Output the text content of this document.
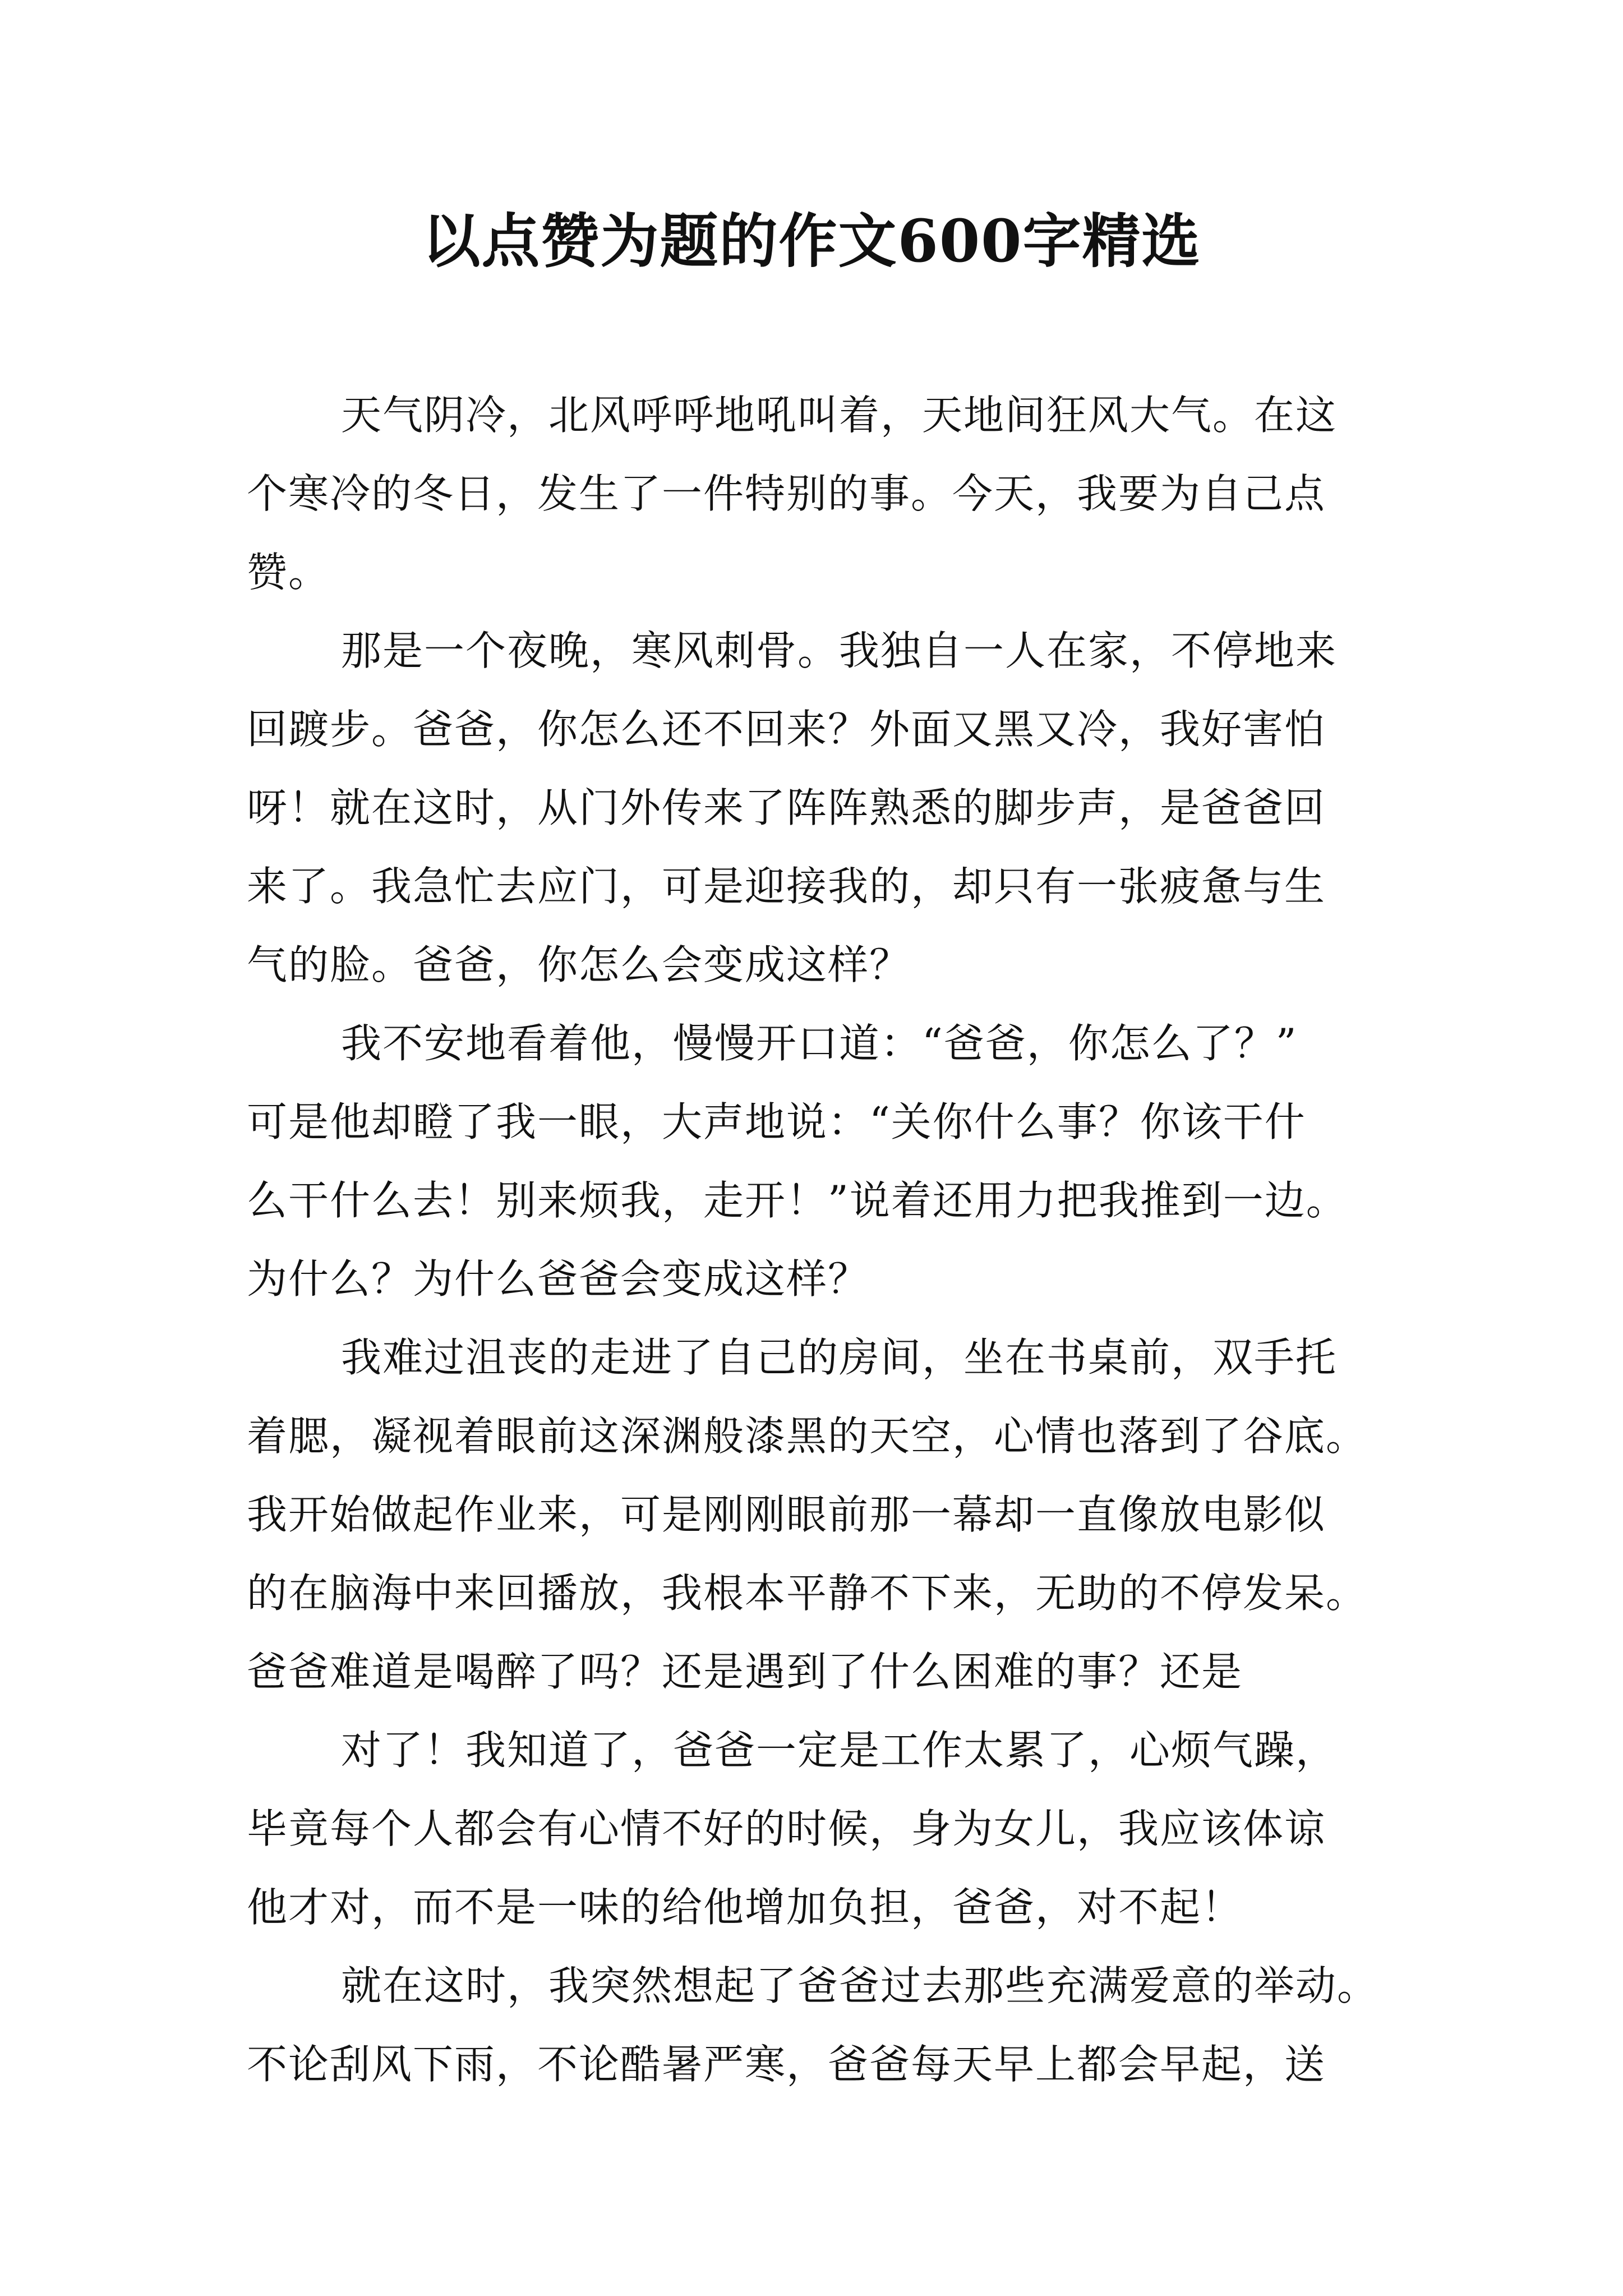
以点赞为题的作文600字精选

天气阴冷，北风呼呼地吼叫着，天地间狂风大气。在这

个寒冷的冬日，发生了一件特别的事。今天，我要为自己点

赞。

那是一个夜晚，寒风刺骨。我独自一人在家，不停地来

回踱步。爸爸，你怎么还不回来？外面又黑又冷，我好害怕

呀！就在这时，从门外传来了阵阵熟悉的脚步声，是爸爸回

来了。我急忙去应门，可是迎接我的，却只有一张疲惫与生

气的脸。爸爸，你怎么会变成这样？

我不安地看着他，慢慢开口道：“爸爸，你怎么了？”

可是他却瞪了我一眼，大声地说：“关你什么事？你该干什

么干什么去！别来烦我，走开！”说着还用力把我推到一边。

为什么？为什么爸爸会变成这样？

我难过沮丧的走进了自己的房间，坐在书桌前，双手托

着腮，凝视着眼前这深渊般漆黑的天空，心情也落到了谷底。

我开始做起作业来，可是刚刚眼前那一幕却一直像放电影似

的在脑海中来回播放，我根本平静不下来，无助的不停发呆。

爸爸难道是喝醉了吗？还是遇到了什么困难的事？还是

对了！我知道了，爸爸一定是工作太累了，心烦气躁，

毕竟每个人都会有心情不好的时候，身为女儿，我应该体谅

他才对，而不是一味的给他增加负担，爸爸，对不起！

就在这时，我突然想起了爸爸过去那些充满爱意的举动。

不论刮风下雨，不论酷暑严寒，爸爸每天早上都会早起，送
